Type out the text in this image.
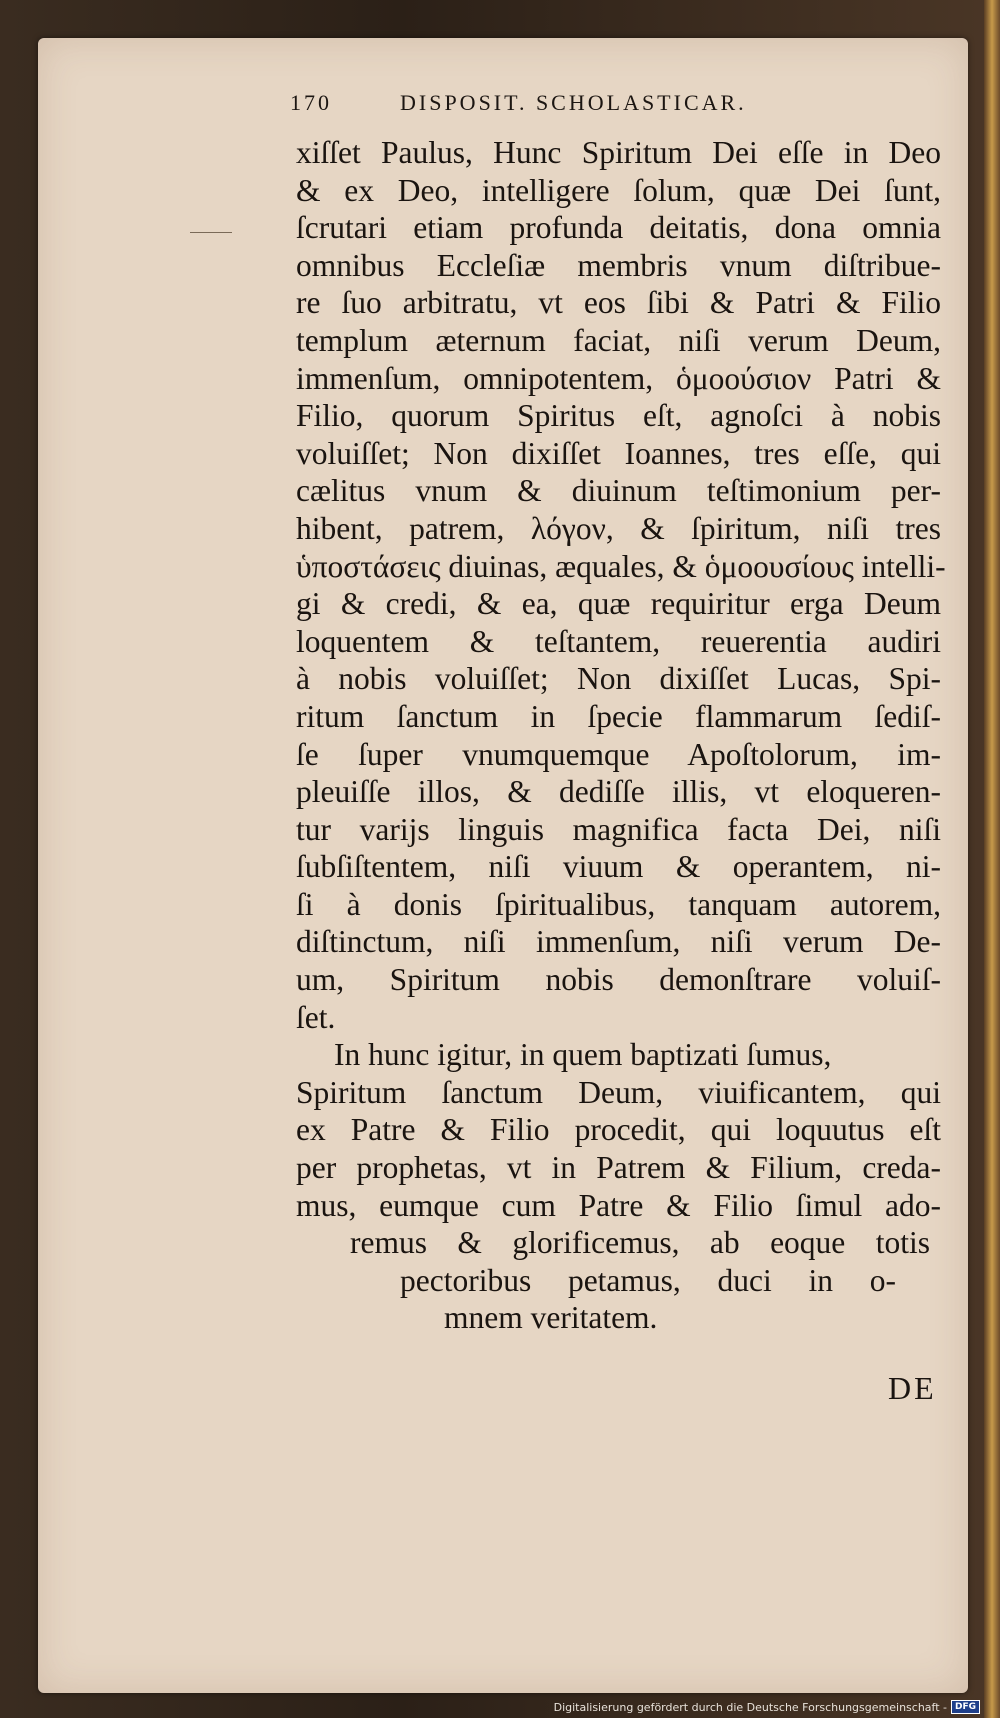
170	DISPOSIT. SCHOLASTICAR.
xiſſet Paulus, Hunc Spiritum Dei eſſe in Deo
& ex Deo, intelligere ſolum, quæ Dei ſunt,
ſcrutari etiam profunda deitatis, dona omnia
omnibus Eccleſiæ membris vnum diſtribue-
re ſuo arbitratu, vt eos ſibi & Patri & Filio
templum æternum faciat, niſi verum Deum,
immenſum, omnipotentem, ὁμοούσιον Patri &
Filio, quorum Spiritus eſt, agnoſci à nobis
voluiſſet; Non dixiſſet Ioannes, tres eſſe, qui
cælitus vnum & diuinum teſtimonium per-
hibent, patrem, λόγον, & ſpiritum, niſi tres
ὑποστάσεις diuinas, æquales, & ὁμοουσίους intelli-
gi & credi, & ea, quæ requiritur erga Deum
loquentem & teſtantem, reuerentia audiri
à nobis voluiſſet; Non dixiſſet Lucas, Spi-
ritum ſanctum in ſpecie flammarum ſediſ-
ſe ſuper vnumquemque Apoſtolorum, im-
pleuiſſe illos, & dediſſe illis, vt eloqueren-
tur varijs linguis magnifica facta Dei, niſi
ſubſiſtentem, niſi viuum & operantem, ni-
ſi à donis ſpiritualibus, tanquam autorem,
diſtinctum, niſi immenſum, niſi verum De-
um, Spiritum nobis demonſtrare voluiſ-
ſet.
In hunc igitur, in quem baptizati ſumus,
Spiritum ſanctum Deum, viuificantem, qui
ex Patre & Filio procedit, qui loquutus eſt
per prophetas, vt in Patrem & Filium, creda-
mus, eumque cum Patre & Filio ſimul ado-
remus & glorificemus, ab eoque totis
pectoribus petamus, duci in o-
mnem veritatem.
DE
Digitalisierung gefördert durch die Deutsche Forschungsgemeinschaft - DFG
